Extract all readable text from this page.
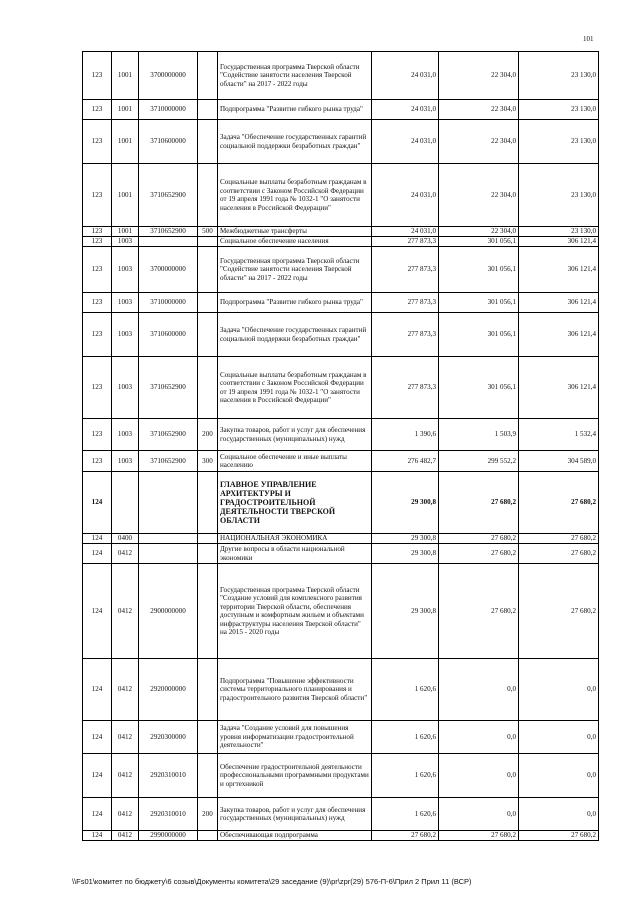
101
123	1001	3700000000		Государственная программа Тверской области "Содействие занятости населения Тверской области" на 2017 - 2022 годы	24 031,0	22 304,0	23 130,0
123	1001	3710000000		Подпрограмма "Развитие гибкого рынка труда"	24 031,0	22 304,0	23 130,0
123	1001	3710600000		Задача "Обеспечение государственных гарантий социальной поддержки безработных граждан"	24 031,0	22 304,0	23 130,0
123	1001	3710652900		Социальные выплаты безработным гражданам в соответствии с Законом Российской Федерации от 19 апреля 1991 года № 1032-1 "О занятости населения в Российской Федерации"	24 031,0	22 304,0	23 130,0
123	1001	3710652900	500	Межбюджетные трансферты	24 031,0	22 304,0	23 130,0
123	1003			Социальное обеспечение населения	277 873,3	301 056,1	306 121,4
123	1003	3700000000		Государственная программа Тверской области "Содействие занятости населения Тверской области" на 2017 - 2022 годы	277 873,3	301 056,1	306 121,4
123	1003	3710000000		Подпрограмма "Развитие гибкого рынка труда"	277 873,3	301 056,1	306 121,4
123	1003	3710600000		Задача "Обеспечение государственных гарантий социальной поддержки безработных граждан"	277 873,3	301 056,1	306 121,4
123	1003	3710652900		Социальные выплаты безработным гражданам в соответствии с Законом Российской Федерации от 19 апреля 1991 года № 1032-1 "О занятости населения в Российской Федерации"	277 873,3	301 056,1	306 121,4
123	1003	3710652900	200	Закупка товаров, работ и услуг для обеспечения государственных (муниципальных) нужд	1 390,6	1 503,9	1 532,4
123	1003	3710652900	300	Социальное обеспечение и иные выплаты населению	276 482,7	299 552,2	304 589,0
124				ГЛАВНОЕ УПРАВЛЕНИЕ АРХИТЕКТУРЫ И ГРАДОСТРОИТЕЛЬНОЙ ДЕЯТЕЛЬНОСТИ ТВЕРСКОЙ ОБЛАСТИ	29 300,8	27 680,2	27 680,2
124	0400			НАЦИОНАЛЬНАЯ ЭКОНОМИКА	29 300,8	27 680,2	27 680,2
124	0412			Другие вопросы в области национальной экономики	29 300,8	27 680,2	27 680,2
124	0412	2900000000		Государственная программа Тверской области "Создание условий для комплексного развития территории Тверской области, обеспечения доступным и комфортным жильем и объектами инфраструктуры населения Тверской области" на 2015 - 2020 годы	29 300,8	27 680,2	27 680,2
124	0412	2920000000		Подпрограмма "Повышение эффективности системы территориального планирования и градостроительного развития Тверской области"	1 620,6	0,0	0,0
124	0412	2920300000		Задача "Создание условий для повышения уровня информатизации градостроительной деятельности"	1 620,6	0,0	0,0
124	0412	2920310010		Обеспечение градостроительной деятельности профессиональными программными продуктами и оргтехникой	1 620,6	0,0	0,0
124	0412	2920310010	200	Закупка товаров, работ и услуг для обеспечения государственных (муниципальных) нужд	1 620,6	0,0	0,0
124	0412	2990000000		Обеспечивающая подпрограмма	27 680,2	27 680,2	27 680,2
\\Fs01\комитет по бюджету\6 созыв\Документы комитета\29 заседание (9)\pr\zpr(29) 576-П-6\Прил 2 Прил 11 (ВСР)
